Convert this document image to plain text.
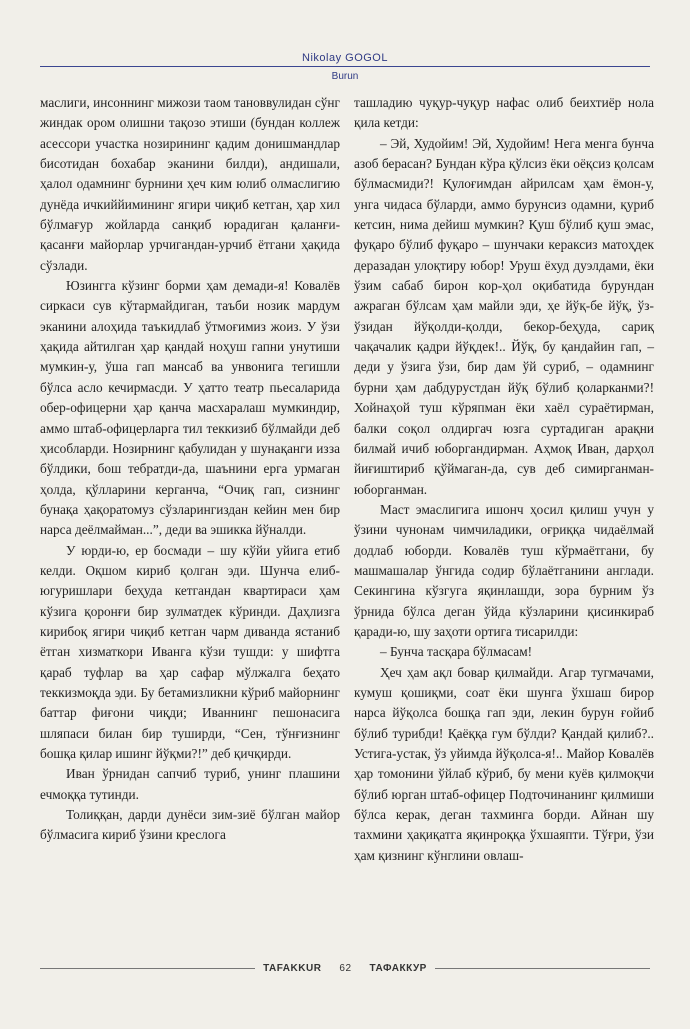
Nikolay GOGOL
Burun

маслиги, инсоннинг мижози таом тановвулидан сўнг жиндак ором олишни тақозо этиши (бундан коллеж асессори участка нозирининг қадим донишмандлар бисотидан бохабар эканини билди), андишали, ҳалол одамнинг бурнини ҳеч ким юлиб олмаслигию дунёда ичкиййимининг ягири чиқиб кетган, ҳар хил бўлмағур жойларда санқиб юрадиган қаланғи-қасанғи майорлар урчигандан-урчиб ётгани ҳақида сўзлади.

Юзингга кўзинг борми ҳам демади-я! Ковалёв сиркаси сув кўтармайдиган, таъби нозик мардум эканини алоҳида таъкидлаб ўтмоғимиз жоиз. У ўзи ҳақида айтилган ҳар қандай ноҳуш гапни унутиши мумкин-у, ўша гап мансаб ва унвонига тегишли бўлса асло кечирмасди. У ҳатто театр пьесаларида обер-офицерни ҳар қанча масхаралаш мумкиндир, аммо штаб-офицерларга тил теккизиб бўлмайди деб ҳисобларди. Нозирнинг қабулидан у шунақанги изза бўлдики, бош тебратди-да, шаънини ерга урмаган ҳолда, қўлларини керганча, “Очиқ гап, сизнинг бунақа ҳақоратомуз сўзларингиздан кейин мен бир нарса деёлмайман...”, деди ва эшикка йўналди.

У юрди-ю, ер босмади – шу кўйи уйига етиб келди. Оқшом кириб қолган эди. Шунча елиб-югуришлари беҳуда кетгандан квартираси ҳам кўзига қоронғи бир зулматдек кўринди. Даҳлизга кирибоқ ягири чиқиб кетган чарм диванда ястаниб ётган хизматкори Иванга кўзи тушди: у шифтга қараб туфлар ва ҳар сафар мўлжалга беҳато теккизмоқда эди. Бу бетамизликни кўриб майорнинг баттар фиғони чиқди; Иваннинг пешонасига шляпаси билан бир туширди, “Сен, тўнғизнинг бошқа қилар ишинг йўқми?!” деб қичқирди.

Иван ўрнидан сапчиб туриб, унинг плашини ечмоққа тутинди.

Толиққан, дарди дунёси зим-зиё бўлган майор бўлмасига кириб ўзини креслога

ташладию чуқур-чуқур нафас олиб беихтиёр нола қила кетди:

– Эй, Худойим! Эй, Худойим! Нега менга бунча азоб берасан? Бундан кўра қўлсиз ёки оёқсиз қолсам бўлмасмиди?! Қулоғимдан айрилсам ҳам ёмон-у, унга чидаса бўларди, аммо бурунсиз одамни, қуриб кетсин, нима дейиш мумкин? Қуш бўлиб қуш эмас, фуқаро бўлиб фуқаро – шунчаки кераксиз матоҳдек деразадан улоқтиру юбор! Уруш ёхуд дуэлдами, ёки ўзим сабаб бирон кор-ҳол оқибатида бурундан ажраган бўлсам ҳам майли эди, ҳе йўқ-бе йўқ, ўз-ўзидан йўқолди-қолди, бекор-беҳуда, сариқ чақачалик қадри йўқдек!.. Йўқ, бу қандайин гап, – деди у ўзига ўзи, бир дам ўй суриб, – одамнинг бурни ҳам дабдурустдан йўқ бўлиб қоларканми?! Хойнаҳой туш кўряпман ёки хаёл сураётирман, балки соқол олдиргач юзга суртадиган арақни билмай ичиб юборгандирман. Аҳмоқ Иван, дарҳол йиғиштириб қўймаган-да, сув деб симирганман-юборганман.

Маст эмаслигига ишонч ҳосил қилиш учун у ўзини чунонам чимчиладики, оғриққа чидаёлмай додлаб юборди. Ковалёв туш кўрмаётгани, бу машмашалар ўнгида содир бўлаётганини англади. Секингина кўзгуга яқинлашди, зора бурним ўз ўрнида бўлса деган ўйда кўзларини қисинкираб қаради-ю, шу заҳоти ортига тисарилди:

– Бунча тасқара бўлмасам!

Ҳеч ҳам ақл бовар қилмайди. Агар тугмачами, кумуш қошиқми, соат ёки шунга ўхшаш бирор нарса йўқолса бошқа гап эди, лекин бурун ғойиб бўлиб турибди! Қаёққа гум бўлди? Қандай қилиб?.. Устига-устак, ўз уйимда йўқолса-я!.. Майор Ковалёв ҳар томонини ўйлаб кўриб, бу мени куёв қилмоқчи бўлиб юрган штаб-офицер Подточинанинг қилмиши бўлса керак, деган тахминга борди. Айнан шу тахмини ҳақиқатга яқинроққа ўхшаяпти. Тўғри, ўзи ҳам қизнинг кўнглини овлаш-

TAFAKKUR	62	ТАФАККУР
